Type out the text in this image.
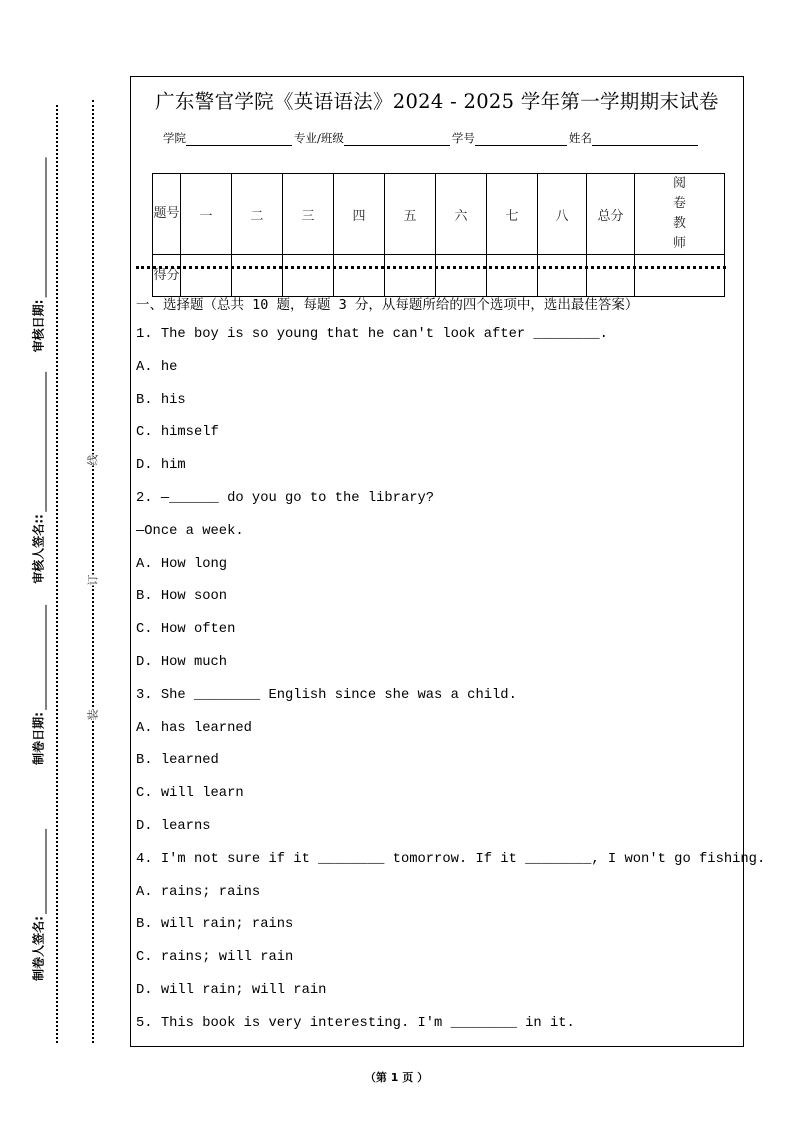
审核日期:
审核人签名::
制卷日期:
制卷人签名:
线
订
装
广东警官学院《英语语法》2024 - 2025 学年第一学期期末试卷
学院	专业/班级	学号	姓名
题号	一	二	三	四	五	六	七	八	总分	阅卷教师
得分										
一、选择题（总共 10 题，每题 3 分，从每题所给的四个选项中，选出最佳答案）
1. The boy is so young that he can't look after ________.
A. he
B. his
C. himself
D. him
2. —______ do you go to the library?
—Once a week.
A. How long
B. How soon
C. How often
D. How much
3. She ________ English since she was a child.
A. has learned
B. learned
C. will learn
D. learns
4. I'm not sure if it ________ tomorrow. If it ________, I won't go fishing.
A. rains; rains
B. will rain; rains
C. rains; will rain
D. will rain; will rain
5. This book is very interesting. I'm ________ in it.
（第 1 页 ）
